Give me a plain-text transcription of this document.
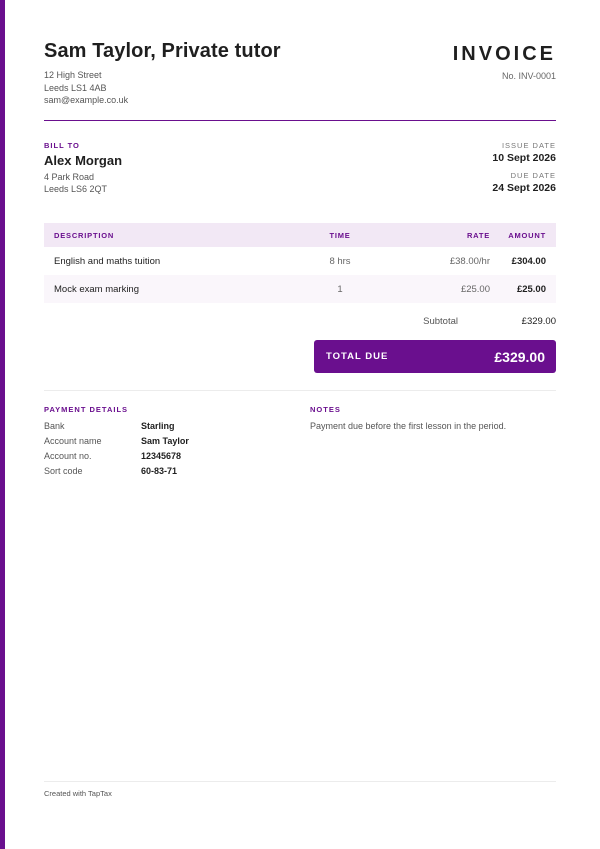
Sam Taylor, Private tutor
12 High Street
Leeds LS1 4AB
sam@example.co.uk
INVOICE
No. INV-0001
BILL TO
Alex Morgan
4 Park Road
Leeds LS6 2QT
ISSUE DATE
10 Sept 2026
DUE DATE
24 Sept 2026
DESCRIPTION	TIME	RATE	AMOUNT
English and maths tuition	8 hrs	£38.00/hr	£304.00
Mock exam marking	1	£25.00	£25.00
Subtotal	£329.00
TOTAL DUE	£329.00
PAYMENT DETAILS
Bank	Starling
Account name	Sam Taylor
Account no.	12345678
Sort code	60-83-71
NOTES
Payment due before the first lesson in the period.
Created with TapTax
